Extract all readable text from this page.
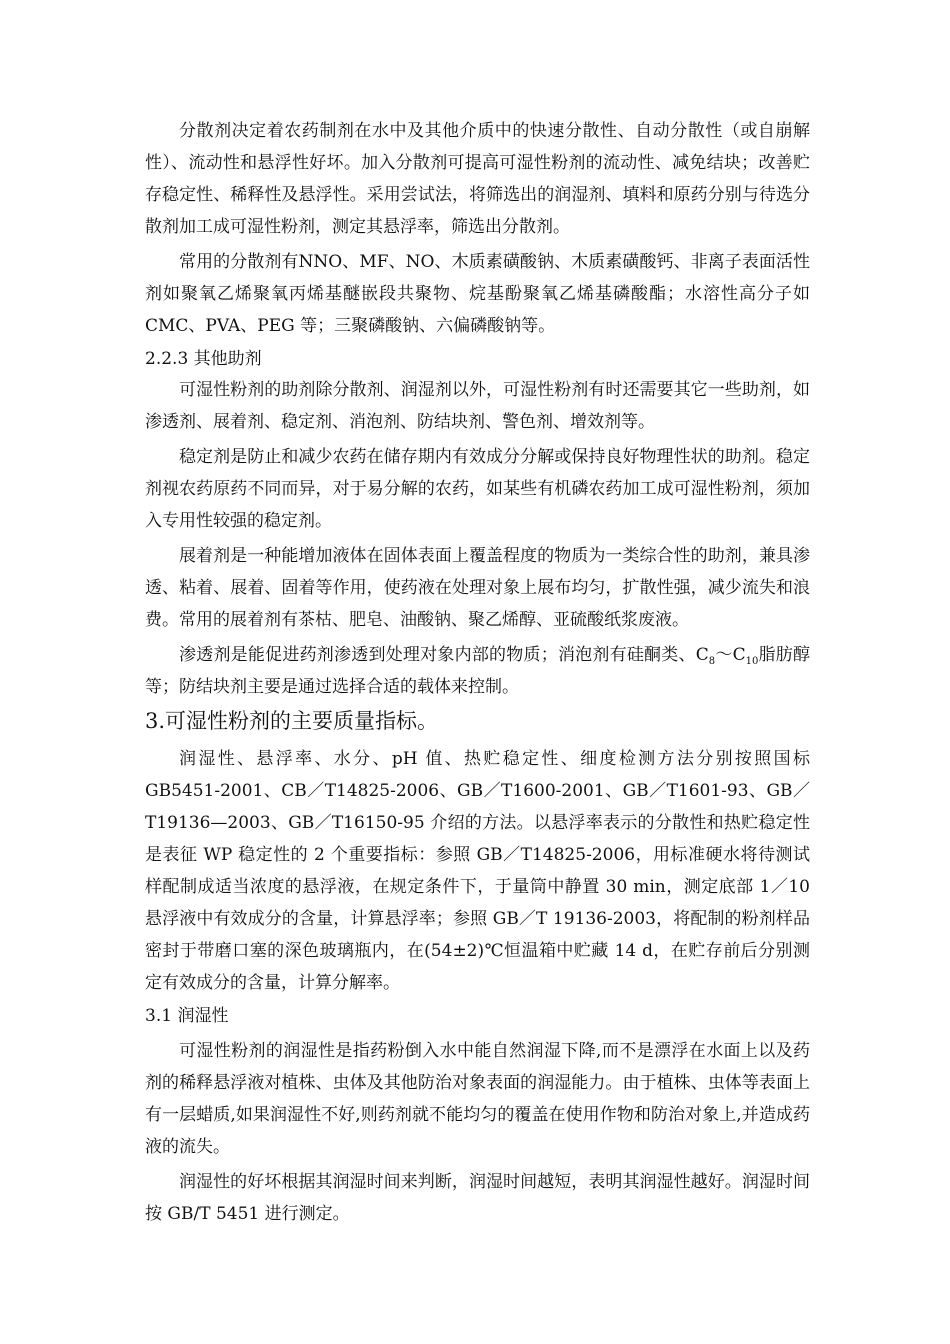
分散剂决定着农药制剂在水中及其他介质中的快速分散性、自动分散性（或自崩解性）、流动性和悬浮性好坏。加入分散剂可提高可湿性粉剂的流动性、减免结块；改善贮存稳定性、稀释性及悬浮性。采用尝试法，将筛选出的润湿剂、填料和原药分别与待选分散剂加工成可湿性粉剂，测定其悬浮率，筛选出分散剂。

常用的分散剂有NNO、MF、NO、木质素磺酸钠、木质素磺酸钙、非离子表面活性剂如聚氧乙烯聚氧丙烯基醚嵌段共聚物、烷基酚聚氧乙烯基磷酸酯；水溶性高分子如CMC、PVA、PEG 等；三聚磷酸钠、六偏磷酸钠等。

2.2.3 其他助剂

可湿性粉剂的助剂除分散剂、润湿剂以外，可湿性粉剂有时还需要其它一些助剂，如渗透剂、展着剂、稳定剂、消泡剂、防结块剂、警色剂、增效剂等。

稳定剂是防止和减少农药在储存期内有效成分分解或保持良好物理性状的助剂。稳定剂视农药原药不同而异，对于易分解的农药，如某些有机磷农药加工成可湿性粉剂，须加入专用性较强的稳定剂。

展着剂是一种能增加液体在固体表面上覆盖程度的物质为一类综合性的助剂，兼具渗透、粘着、展着、固着等作用，使药液在处理对象上展布均匀，扩散性强，减少流失和浪费。常用的展着剂有茶枯、肥皂、油酸钠、聚乙烯醇、亚硫酸纸浆废液。

渗透剂是能促进药剂渗透到处理对象内部的物质；消泡剂有硅酮类、$C_8\sim C_{10}$脂肪醇等；防结块剂主要是通过选择合适的载体来控制。

3.可湿性粉剂的主要质量指标。

润湿性、悬浮率、水分、pH 值、热贮稳定性、细度检测方法分别按照国标GB5451-2001、CB／T14825-2006、GB／T1600-2001、GB／T1601-93、GB／T19136—2003、GB／T16150-95 介绍的方法。以悬浮率表示的分散性和热贮稳定性是表征 WP 稳定性的 2 个重要指标：参照 GB／T14825-2006，用标准硬水将待测试样配制成适当浓度的悬浮液，在规定条件下，于量筒中静置 30 min，测定底部 1／10 悬浮液中有效成分的含量，计算悬浮率；参照 GB／T 19136-2003，将配制的粉剂样品密封于带磨口塞的深色玻璃瓶内，在(54±2)℃恒温箱中贮藏 14 d，在贮存前后分别测定有效成分的含量，计算分解率。

3.1 润湿性

可湿性粉剂的润湿性是指药粉倒入水中能自然润湿下降,而不是漂浮在水面上以及药剂的稀释悬浮液对植株、虫体及其他防治对象表面的润湿能力。由于植株、虫体等表面上有一层蜡质,如果润湿性不好,则药剂就不能均匀的覆盖在使用作物和防治对象上,并造成药液的流失。

润湿性的好坏根据其润湿时间来判断，润湿时间越短，表明其润湿性越好。润湿时间按 GB/T 5451 进行测定。
